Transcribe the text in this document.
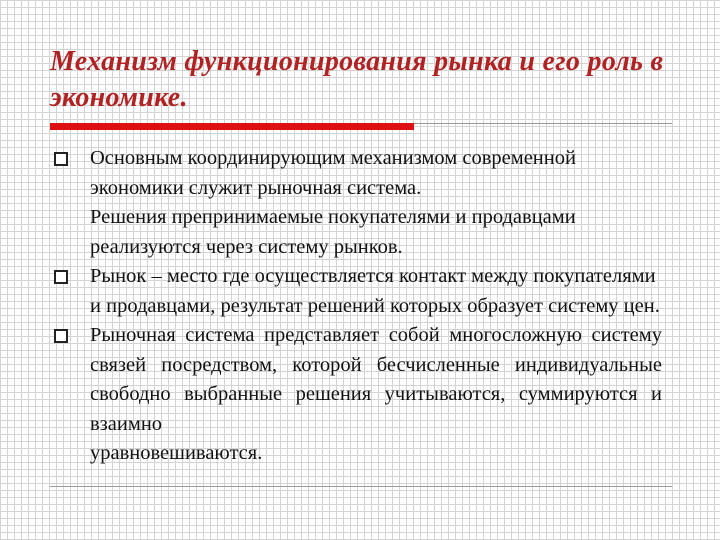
Механизм функционирования рынка и его роль в экономике.
Основным координирующим механизмом современной экономики служит рыночная система.
Решения препринимаемые покупателями и продавцами реализуются через систему рынков.
Рынок – место где осуществляется контакт между покупателями и продавцами, результат решений которых образует систему цен.
Рыночная система представляет собой многосложную систему связей посредством, которой бесчисленные индивидуальные свободно выбранные решения учитываются, суммируются и взаимно
уравновешиваются.
